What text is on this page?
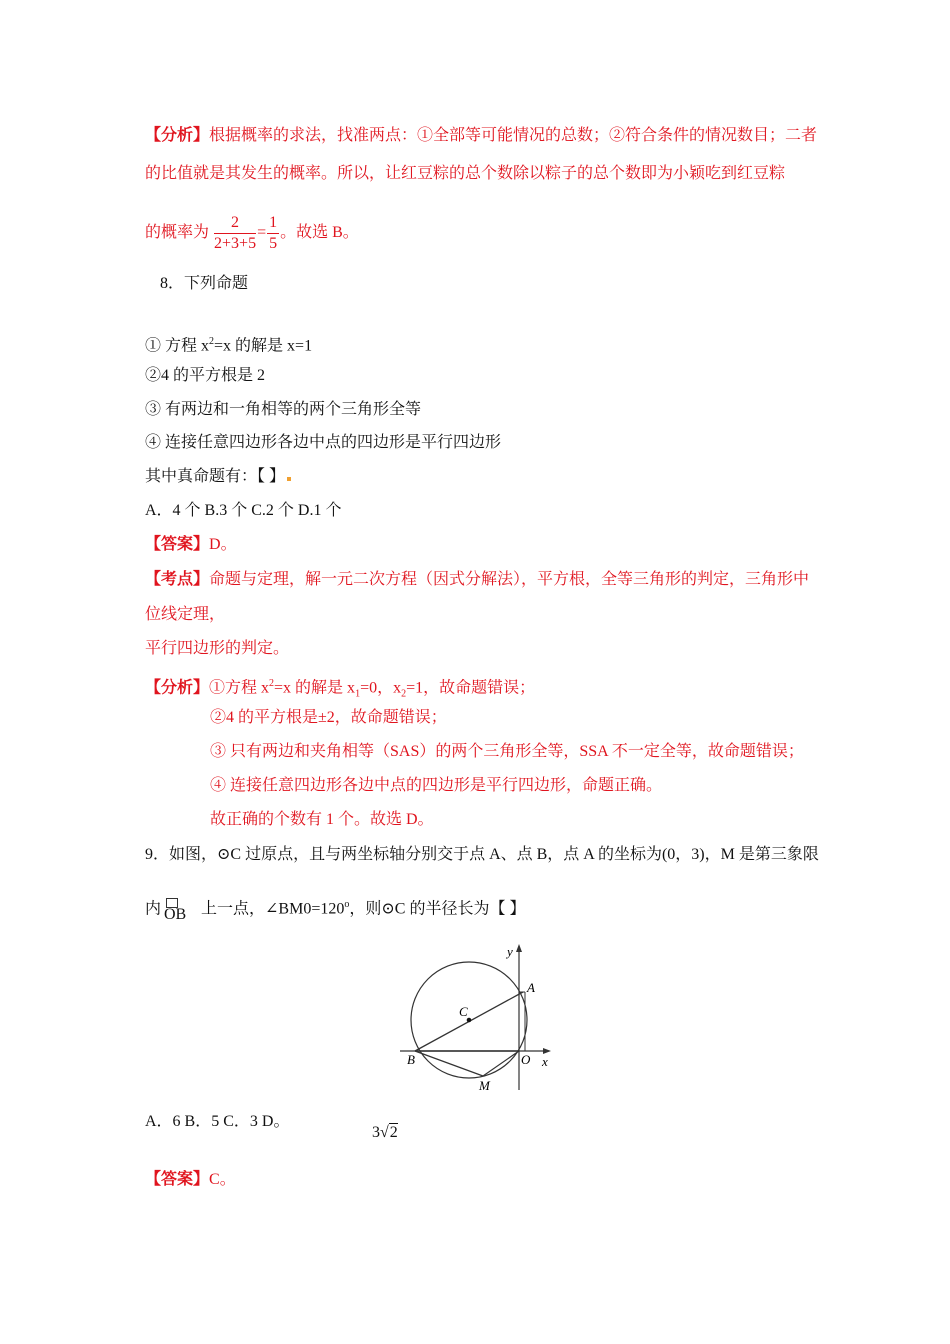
【分析】根据概率的求法，找准两点：①全部等可能情况的总数；②符合条件的情况数目；二者
的比值就是其发生的概率。所以，让红豆粽的总个数除以粽子的总个数即为小颖吃到红豆粽
的概率为 $\frac{2}{2+3+5} = \frac{1}{5}$ 。故选 B。
8．下列命题
① 方程 $x^2=x$ 的解是 x=1
②4 的平方根是 2
③ 有两边和一角相等的两个三角形全等
④ 连接任意四边形各边中点的四边形是平行四边形
其中真命题有：【 】
A．4 个 B.3 个 C.2 个 D.1 个
【答案】D。
【考点】命题与定理，解一元二次方程（因式分解法），平方根，全等三角形的判定，三角形中
位线定理，
平行四边形的判定。
【分析】①方程 $x^2=x$ 的解是 $x_1=0$，$x_2=1$，故命题错误；
②4 的平方根是±2，故命题错误；
③ 只有两边和夹角相等（SAS）的两个三角形全等，SSA 不一定全等，故命题错误；
④ 连接任意四边形各边中点的四边形是平行四边形，命题正确。
故正确的个数有 1 个。故选 D。
9．如图，⊙C 过原点，且与两坐标轴分别交于点 A、点 B，点 A 的坐标为(0，3)，M 是第三象限
内	上一点，$\angle BM0=120^o$，则⊙C 的半径长为【 】
OB
y
x
A
B
C
O
M
A．6 B．5 C．3 D。
3√2
【答案】C。
